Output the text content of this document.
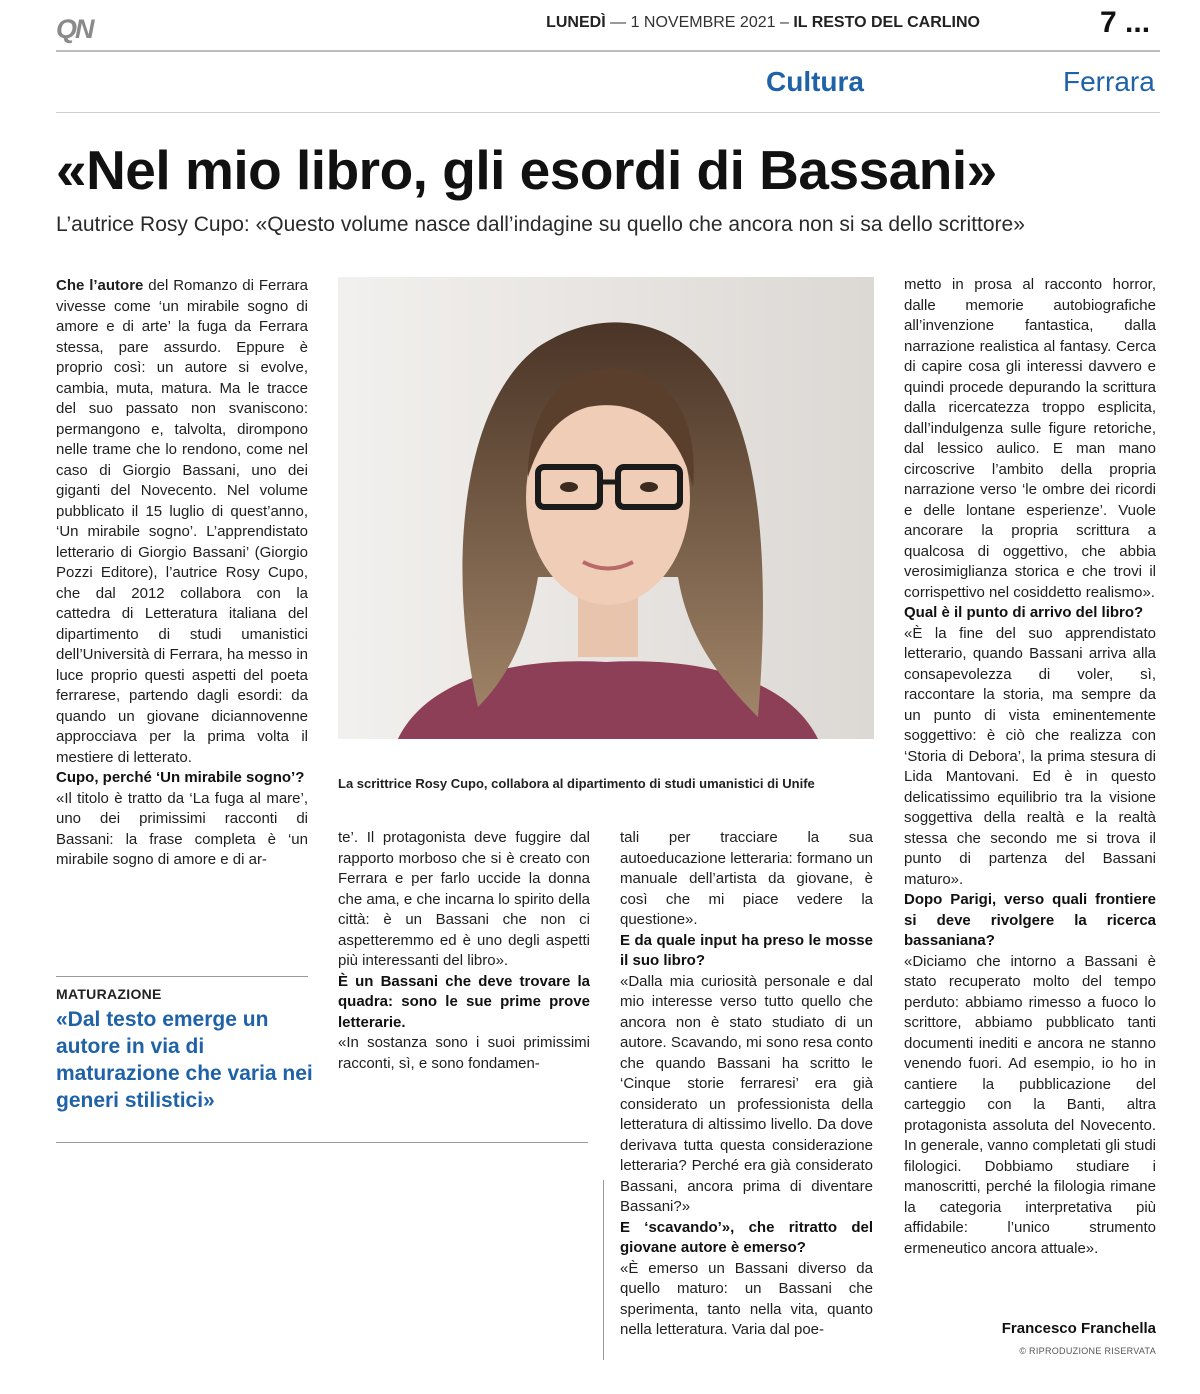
QN	LUNEDÌ — 1 NOVEMBRE 2021 – IL RESTO DEL CARLINO	7 ...
Cultura	Ferrara
«Nel mio libro, gli esordi di Bassani»
L’autrice Rosy Cupo: «Questo volume nasce dall’indagine su quello che ancora non si sa dello scrittore»

Che l’autore del Romanzo di Ferrara vivesse come ‘un mirabile sogno di amore e di arte’ la fuga da Ferrara stessa, pare assurdo. Eppure è proprio così: un autore si evolve, cambia, muta, matura. Ma le tracce del suo passato non svaniscono: permangono e, talvolta, dirompono nelle trame che lo rendono, come nel caso di Giorgio Bassani, uno dei giganti del Novecento. Nel volume pubblicato il 15 luglio di quest’anno, ‘Un mirabile sogno’. L’apprendistato letterario di Giorgio Bassani’ (Giorgio Pozzi Editore), l’autrice Rosy Cupo, che dal 2012 collabora con la cattedra di Letteratura italiana del dipartimento di studi umanistici dell’Università di Ferrara, ha messo in luce proprio questi aspetti del poeta ferrarese, partendo dagli esordi: da quando un giovane diciannovenne approcciava per la prima volta il mestiere di letterato.

Cupo, perché ‘Un mirabile sogno’?

«Il titolo è tratto da ‘La fuga al mare’, uno dei primissimi racconti di Bassani: la frase completa è ‘un mirabile sogno di amore e di ar-

La scrittrice Rosy Cupo, collabora al dipartimento di studi umanistici di Unife
MATURAZIONE
«Dal testo emerge un autore in via di maturazione che varia nei generi stilistici»

te’. Il protagonista deve fuggire dal rapporto morboso che si è creato con Ferrara e per farlo uccide la donna che ama, e che incarna lo spirito della città: è un Bassani che non ci aspetteremmo ed è uno degli aspetti più interessanti del libro».

È un Bassani che deve trovare la quadra: sono le sue prime prove letterarie.

«In sostanza sono i suoi primissimi racconti, sì, e sono fondamen-

tali per tracciare la sua autoeducazione letteraria: formano un manuale dell’artista da giovane, è così che mi piace vedere la questione».

E da quale input ha preso le mosse il suo libro?

«Dalla mia curiosità personale e dal mio interesse verso tutto quello che ancora non è stato studiato di un autore. Scavando, mi sono resa conto che quando Bassani ha scritto le ‘Cinque storie ferraresi’ era già considerato un professionista della letteratura di altissimo livello. Da dove derivava tutta questa considerazione letteraria? Perché era già considerato Bassani, ancora prima di diventare Bassani?»

E ‘scavando’», che ritratto del giovane autore è emerso?

«È emerso un Bassani diverso da quello maturo: un Bassani che sperimenta, tanto nella vita, quanto nella letteratura. Varia dal poe-

metto in prosa al racconto horror, dalle memorie autobiografiche all’invenzione fantastica, dalla narrazione realistica al fantasy. Cerca di capire cosa gli interessi davvero e quindi procede depurando la scrittura dalla ricercatezza troppo esplicita, dall’indulgenza sulle figure retoriche, dal lessico aulico. E man mano circoscrive l’ambito della propria narrazione verso ‘le ombre dei ricordi e delle lontane esperienze’. Vuole ancorare la propria scrittura a qualcosa di oggettivo, che abbia verosimiglianza storica e che trovi il corrispettivo nel cosiddetto realismo».

Qual è il punto di arrivo del libro?

«È la fine del suo apprendistato letterario, quando Bassani arriva alla consapevolezza di voler, sì, raccontare la storia, ma sempre da un punto di vista eminentemente soggettivo: è ciò che realizza con ‘Storia di Debora’, la prima stesura di Lida Mantovani. Ed è in questo delicatissimo equilibrio tra la visione soggettiva della realtà e la realtà stessa che secondo me si trova il punto di partenza del Bassani maturo».

Dopo Parigi, verso quali frontiere si deve rivolgere la ricerca bassaniana?

«Diciamo che intorno a Bassani è stato recuperato molto del tempo perduto: abbiamo rimesso a fuoco lo scrittore, abbiamo pubblicato tanti documenti inediti e ancora ne stanno venendo fuori. Ad esempio, io ho in cantiere la pubblicazione del carteggio con la Banti, altra protagonista assoluta del Novecento. In generale, vanno completati gli studi filologici. Dobbiamo studiare i manoscritti, perché la filologia rimane la categoria interpretativa più affidabile: l’unico strumento ermeneutico ancora attuale».

Francesco Franchella
© RIPRODUZIONE RISERVATA
